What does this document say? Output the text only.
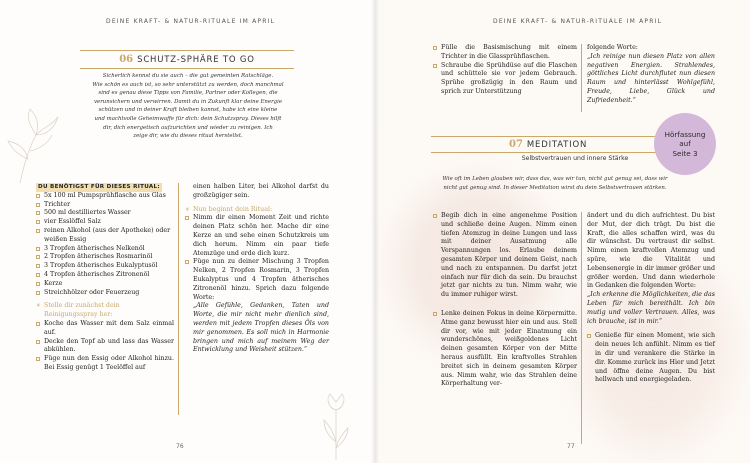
DEINE KRAFT- & NATUR-RITUALE IM APRIL
06 SCHUTZ-SPHÄRE TO GO
Sicherlich kennst du sie auch – die gut gemeinten Ratschläge.
Wie schön es auch ist, so sehr unterstützt zu werden, doch manchmal
sind es genau diese Tipps von Familie, Partner oder Kollegen, die
verunsichern und verwirren. Damit du in Zukunft klar deine Energie
schützen und in deiner Kraft bleiben kannst, habe ich eine kleine
und machtvolle Geheimwaffe für dich: dein Schutzspray. Dieses hilft
dir, dich energetisch aufzurichten und wieder zu reinigen. Ich
zeige dir, wie du dieses ritual herstellst.
DU BENÖTIGST FÜR DIESES RITUAL:
5x 100 ml Pumpsprühflasche aus Glas
Trichter
500 ml destilliertes Wasser
vier Esslöffel Salz
reinen Alkohol (aus der Apotheke) oder weißen Essig
3 Tropfen ätherisches Nelkenöl
2 Tropfen ätherisches Rosmarinöl
3 Tropfen ätherisches Eukalyptusöl
4 Tropfen ätherisches Zitronenöl
Kerze
Streichhölzer oder Feuerzeug
✳ Stelle dir zunächst dein Reinigungsspray her:
Koche das Wasser mit dem Salz einmal auf.
Decke den Topf ab und lass das Wasser abkühlen.
Füge nun den Essig oder Alkohol hinzu. Bei Essig genügt 1 Teelöffel auf
einen halben Liter, bei Alkohol darfst du großzügiger sein.
✳ Nun beginnt dein Ritual:
Nimm dir einen Moment Zeit und richte deinen Platz schön her. Mache dir eine Kerze an und sehe einen Schutzkreis um dich herum. Nimm ein paar tiefe Atemzüge und erde dich kurz.
Füge nun zu deiner Mischung 3 Tropfen Nelken, 2 Tropfen Rosmarin, 3 Tropfen Eukalyptus und 4 Tropfen ätherisches Zitronenöl hinzu. Sprich dazu folgende Worte:
„Alle Gefühle, Gedanken, Taten und Worte, die mir nicht mehr dienlich sind, werden mit jedem Tropfen dieses Öls von mir genommen. Es soll mich in Harmonie bringen und mich auf meinem Weg der Entwicklung und Weisheit stützen.“
76
DEINE KRAFT- & NATUR-RITUALE IM APRIL
Fülle die Basismischung mit einem Trichter in die Glassprühflaschen.
Schraube die Sprühdüse auf die Flaschen und schüttele sie vor jedem Gebrauch. Sprühe großzügig in den Raum und sprich zur Unterstützung
folgende Worte:
„Ich reinige nun diesen Platz von allen negativen Energien. Strahlendes, göttliches Licht durchflutet nun diesen Raum und hinterlässt Wohlgefühl, Freude, Liebe, Glück und Zufriedenheit.“
07 MEDITATION
Selbstvertrauen und innere Stärke
Hörfassung
auf
Seite 3
Wie oft im Leben glauben wir, dass das, was wir tun, nicht gut genug sei, dass wir
nicht gut genug sind. In dieser Meditation wirst du dein Selbstvertrauen stärken.
Begib dich in eine angenehme Position und schließe deine Augen. Nimm einen tiefen Atemzug in deine Lungen und lass mit deiner Ausatmung alle Verspannungen los. Erlaube deinem gesamten Körper und deinem Geist, nach und nach zu entspannen. Du darfst jetzt einfach nur für dich da sein. Du brauchst jetzt gar nichts zu tun. Nimm wahr, wie du immer ruhiger wirst.
Lenke deinen Fokus in deine Körpermitte. Atme ganz bewusst hier ein und aus. Stell dir vor, wie mit jeder Einatmung ein wunderschönes, weißgoldenes Licht deinen gesamten Körper von der Mitte heraus ausfüllt. Ein kraftvolles Strahlen breitet sich in deinem gesamten Körper aus. Nimm wahr, wie das Strahlen deine Körperhaltung ver-
ändert und du dich aufrichtest. Du bist der Mut, der dich trägt. Du bist die Kraft, die alles schaffen wird, was du dir wünschst. Du vertraust dir selbst. Nimm einen kraftvollen Atemzug und spüre, wie die Vitalität und Lebensenergie in dir immer größer und größer werden. Und dann wiederhole in Gedanken die folgenden Worte:
„Ich erkenne die Möglichkeiten, die das Leben für mich bereithält. Ich bin mutig und voller Vertrauen. Alles, was ich brauche, ist in mir.“
Genieße für einen Moment, wie sich dein neues Ich anfühlt. Nimm es tief in dir und verankere die Stärke in dir. Komme zurück ins Hier und Jetzt und öffne deine Augen. Du bist hellwach und energiegeladen.
77
